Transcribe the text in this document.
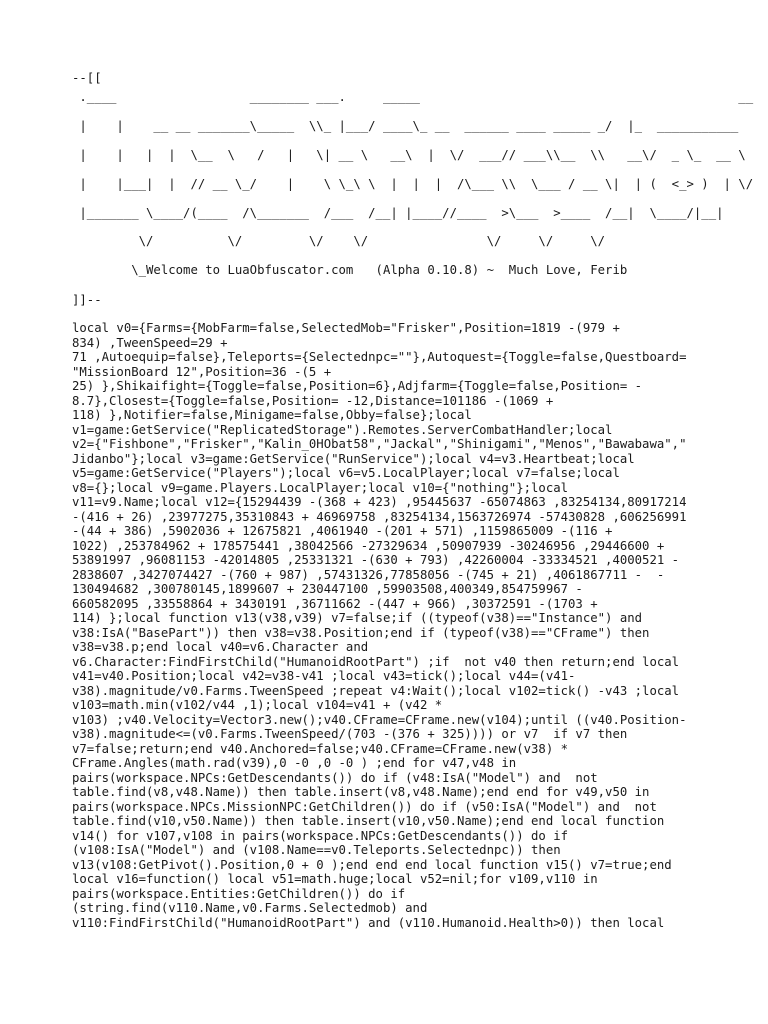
--[[

.____                  ________ ___.     _____                                           __

|    |    __ __ _______\_____  \\_ |___/ ____\_ __  ______ ____ _____ _/  |_  ___________

|    |   |  |  \__  \   /   |   \| __ \   __\  |  \/  ___// ___\\__  \\   __\/  _ \_  __ \

|    |___|  |  // __ \_/    |    \ \_\ \  |  |  |  /\___ \\  \___ / __ \|  | (  <_> )  | \/

|_______ \____/(____  /\_______  /___  /__| |____//____  >\___  >____  /__|  \____/|__|

\/          \/         \/    \/                \/     \/     \/

\_Welcome to LuaObfuscator.com   (Alpha 0.10.8) ~  Much Love, Ferib

]]--

local v0={Farms={MobFarm=false,SelectedMob="Frisker",Position=1819 -(979 +

834) ,TweenSpeed=29 +

71 ,Autoequip=false},Teleports={Selectednpc=""},Autoquest={Toggle=false,Questboard=

"MissionBoard 12",Position=36 -(5 +

25) },Shikaifight={Toggle=false,Position=6},Adjfarm={Toggle=false,Position= -

8.7},Closest={Toggle=false,Position= -12,Distance=101186 -(1069 +

118) },Notifier=false,Minigame=false,Obby=false};local

v1=game:GetService("ReplicatedStorage").Remotes.ServerCombatHandler;local

v2={"Fishbone","Frisker","Kalin_0HObat58","Jackal","Shinigami","Menos","Bawabawa","

Jidanbo"};local v3=game:GetService("RunService");local v4=v3.Heartbeat;local

v5=game:GetService("Players");local v6=v5.LocalPlayer;local v7=false;local

v8={};local v9=game.Players.LocalPlayer;local v10={"nothing"};local

v11=v9.Name;local v12={15294439 -(368 + 423) ,95445637 -65074863 ,83254134,80917214

-(416 + 26) ,23977275,35310843 + 46969758 ,83254134,1563726974 -57430828 ,606256991

-(44 + 386) ,5902036 + 12675821 ,4061940 -(201 + 571) ,1159865009 -(116 +

1022) ,253784962 + 178575441 ,38042566 -27329634 ,50907939 -30246956 ,29446600 +

53891997 ,96081153 -42014805 ,25331321 -(630 + 793) ,42260004 -33334521 ,4000521 -

2838607 ,3427074427 -(760 + 987) ,57431326,77858056 -(745 + 21) ,4061867711 -  -

130494682 ,300780145,1899607 + 230447100 ,59903508,400349,854759967 -

660582095 ,33558864 + 3430191 ,36711662 -(447 + 966) ,30372591 -(1703 +

114) };local function v13(v38,v39) v7=false;if ((typeof(v38)=="Instance") and

v38:IsA("BasePart")) then v38=v38.Position;end if (typeof(v38)=="CFrame") then

v38=v38.p;end local v40=v6.Character and

v6.Character:FindFirstChild("HumanoidRootPart") ;if  not v40 then return;end local

v41=v40.Position;local v42=v38-v41 ;local v43=tick();local v44=(v41-

v38).magnitude/v0.Farms.TweenSpeed ;repeat v4:Wait();local v102=tick() -v43 ;local

v103=math.min(v102/v44 ,1);local v104=v41 + (v42 *

v103) ;v40.Velocity=Vector3.new();v40.CFrame=CFrame.new(v104);until ((v40.Position-

v38).magnitude<=(v0.Farms.TweenSpeed/(703 -(376 + 325)))) or v7  if v7 then

v7=false;return;end v40.Anchored=false;v40.CFrame=CFrame.new(v38) *

CFrame.Angles(math.rad(v39),0 -0 ,0 -0 ) ;end for v47,v48 in

pairs(workspace.NPCs:GetDescendants()) do if (v48:IsA("Model") and  not

table.find(v8,v48.Name)) then table.insert(v8,v48.Name);end end for v49,v50 in

pairs(workspace.NPCs.MissionNPC:GetChildren()) do if (v50:IsA("Model") and  not

table.find(v10,v50.Name)) then table.insert(v10,v50.Name);end end local function

v14() for v107,v108 in pairs(workspace.NPCs:GetDescendants()) do if

(v108:IsA("Model") and (v108.Name==v0.Teleports.Selectednpc)) then

v13(v108:GetPivot().Position,0 + 0 );end end end local function v15() v7=true;end

local v16=function() local v51=math.huge;local v52=nil;for v109,v110 in

pairs(workspace.Entities:GetChildren()) do if

(string.find(v110.Name,v0.Farms.Selectedmob) and

v110:FindFirstChild("HumanoidRootPart") and (v110.Humanoid.Health>0)) then local
